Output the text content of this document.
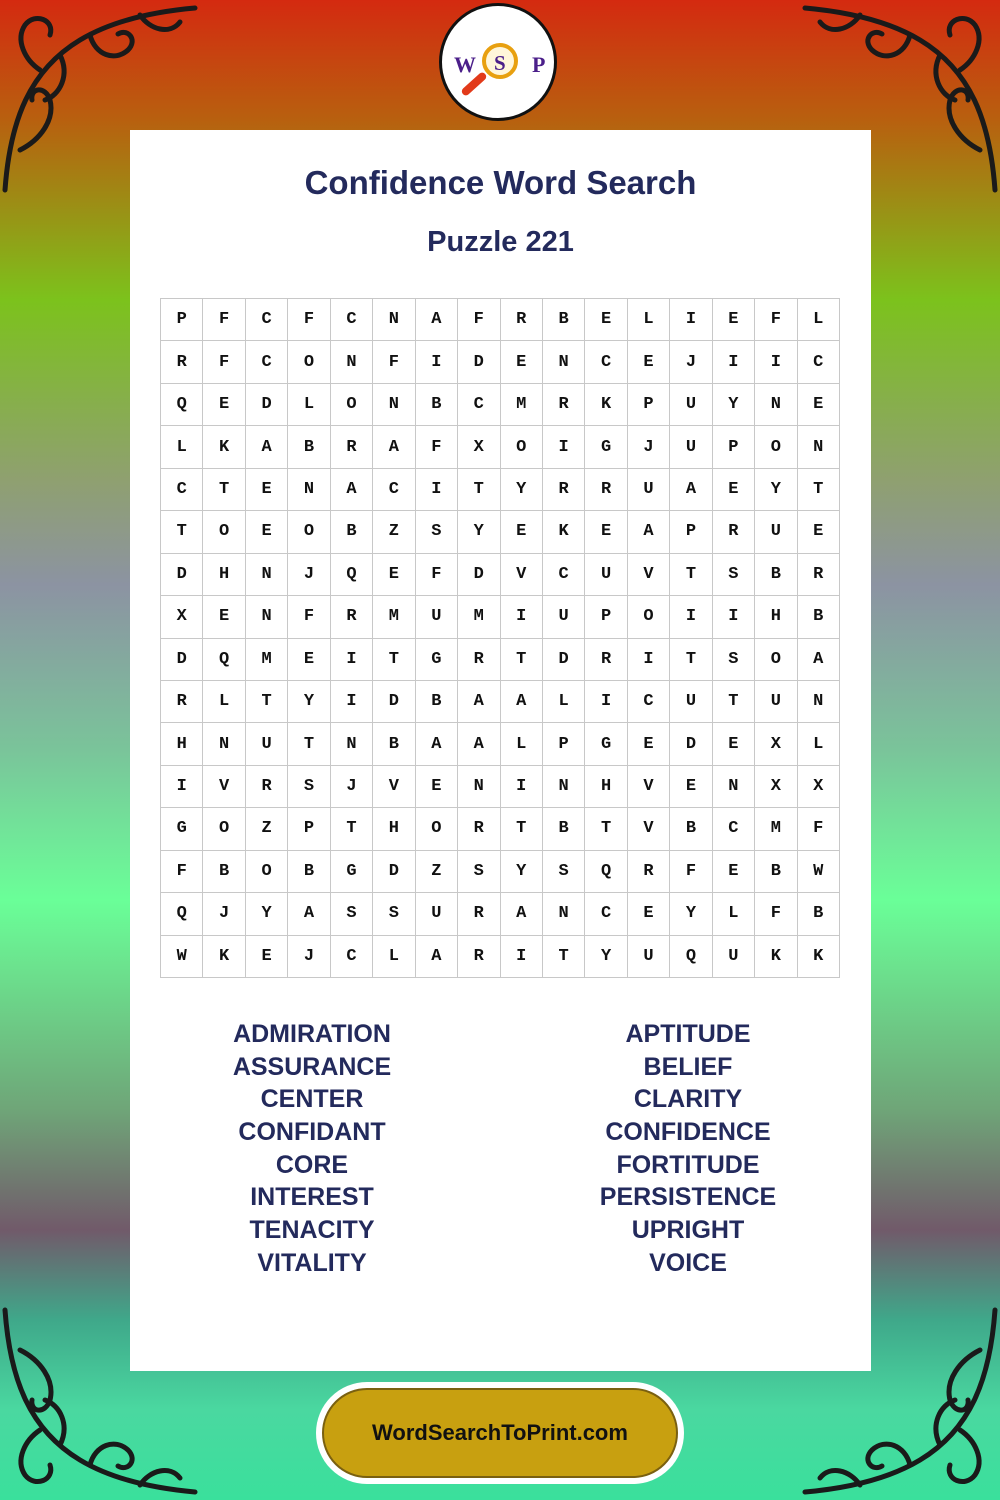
W S P
Confidence Word Search
Puzzle 221
P	F	C	F	C	N	A	F	R	B	E	L	I	E	F	L
R	F	C	O	N	F	I	D	E	N	C	E	J	I	I	C
Q	E	D	L	O	N	B	C	M	R	K	P	U	Y	N	E
L	K	A	B	R	A	F	X	O	I	G	J	U	P	O	N
C	T	E	N	A	C	I	T	Y	R	R	U	A	E	Y	T
T	O	E	O	B	Z	S	Y	E	K	E	A	P	R	U	E
D	H	N	J	Q	E	F	D	V	C	U	V	T	S	B	R
X	E	N	F	R	M	U	M	I	U	P	O	I	I	H	B
D	Q	M	E	I	T	G	R	T	D	R	I	T	S	O	A
R	L	T	Y	I	D	B	A	A	L	I	C	U	T	U	N
H	N	U	T	N	B	A	A	L	P	G	E	D	E	X	L
I	V	R	S	J	V	E	N	I	N	H	V	E	N	X	X
G	O	Z	P	T	H	O	R	T	B	T	V	B	C	M	F
F	B	O	B	G	D	Z	S	Y	S	Q	R	F	E	B	W
Q	J	Y	A	S	S	U	R	A	N	C	E	Y	L	F	B
W	K	E	J	C	L	A	R	I	T	Y	U	Q	U	K	K
ADMIRATION
ASSURANCE
CENTER
CONFIDANT
CORE
INTEREST
TENACITY
VITALITY
APTITUDE
BELIEF
CLARITY
CONFIDENCE
FORTITUDE
PERSISTENCE
UPRIGHT
VOICE
WordSearchToPrint.com
